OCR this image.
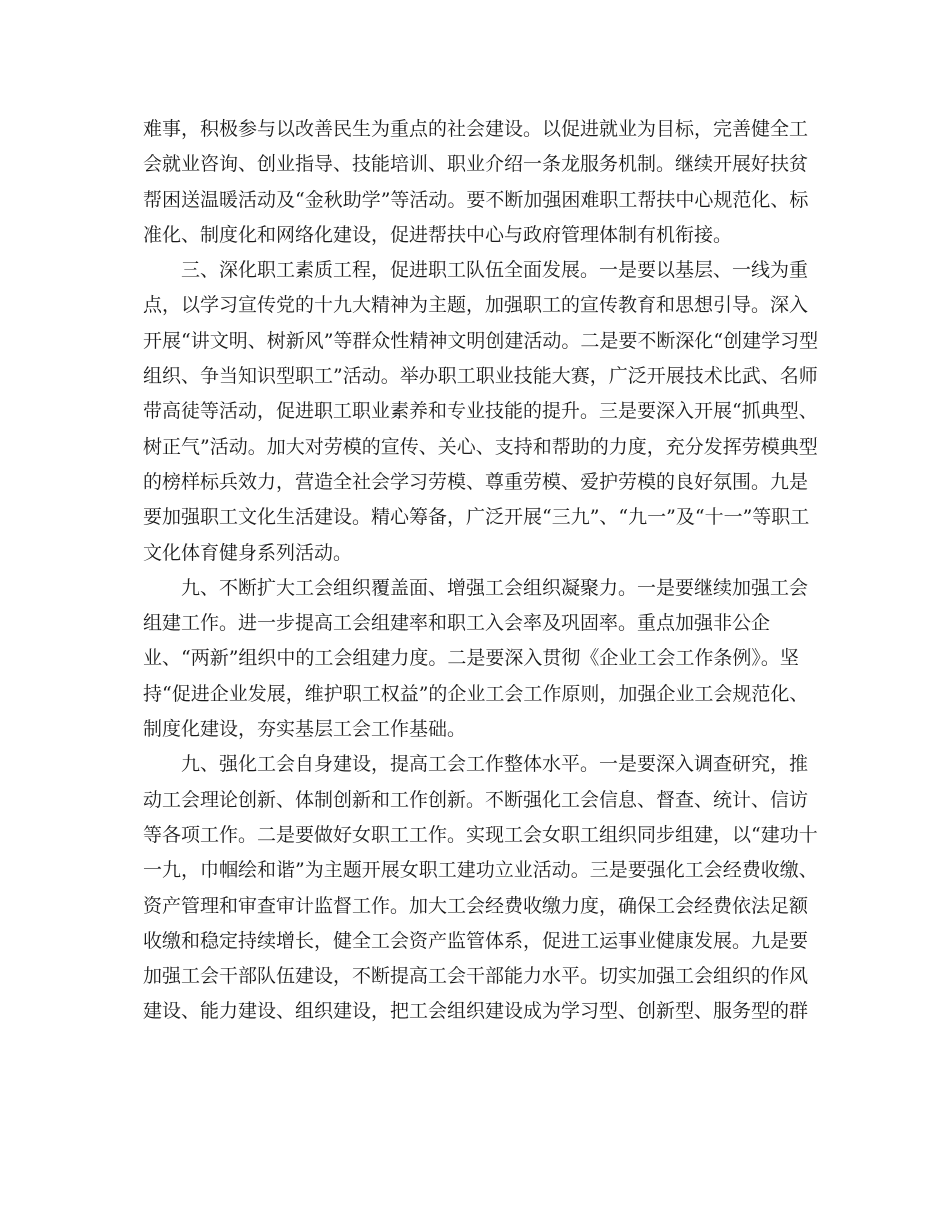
难事，积极参与以改善民生为重点的社会建设。以促进就业为目标，完善健全工
会就业咨询、创业指导、技能培训、职业介绍一条龙服务机制。继续开展好扶贫
帮困送温暖活动及“金秋助学”等活动。要不断加强困难职工帮扶中心规范化、标
准化、制度化和网络化建设，促进帮扶中心与政府管理体制有机衔接。
三、深化职工素质工程，促进职工队伍全面发展。一是要以基层、一线为重
点，以学习宣传党的十九大精神为主题，加强职工的宣传教育和思想引导。深入
开展“讲文明、树新风”等群众性精神文明创建活动。二是要不断深化“创建学习型
组织、争当知识型职工”活动。举办职工职业技能大赛，广泛开展技术比武、名师
带高徒等活动，促进职工职业素养和专业技能的提升。三是要深入开展“抓典型、
树正气”活动。加大对劳模的宣传、关心、支持和帮助的力度，充分发挥劳模典型
的榜样标兵效力，营造全社会学习劳模、尊重劳模、爱护劳模的良好氛围。九是
要加强职工文化生活建设。精心筹备，广泛开展“三九”、“九一”及“十一”等职工
文化体育健身系列活动。
九、不断扩大工会组织覆盖面、增强工会组织凝聚力。一是要继续加强工会
组建工作。进一步提高工会组建率和职工入会率及巩固率。重点加强非公企
业、“两新”组织中的工会组建力度。二是要深入贯彻《企业工会工作条例》。坚
持“促进企业发展，维护职工权益”的企业工会工作原则，加强企业工会规范化、
制度化建设，夯实基层工会工作基础。
九、强化工会自身建设，提高工会工作整体水平。一是要深入调查研究，推
动工会理论创新、体制创新和工作创新。不断强化工会信息、督查、统计、信访
等各项工作。二是要做好女职工工作。实现工会女职工组织同步组建，以“建功十
一九，巾帼绘和谐”为主题开展女职工建功立业活动。三是要强化工会经费收缴、
资产管理和审查审计监督工作。加大工会经费收缴力度，确保工会经费依法足额
收缴和稳定持续增长，健全工会资产监管体系，促进工运事业健康发展。九是要
加强工会干部队伍建设，不断提高工会干部能力水平。切实加强工会组织的作风
建设、能力建设、组织建设，把工会组织建设成为学习型、创新型、服务型的群
